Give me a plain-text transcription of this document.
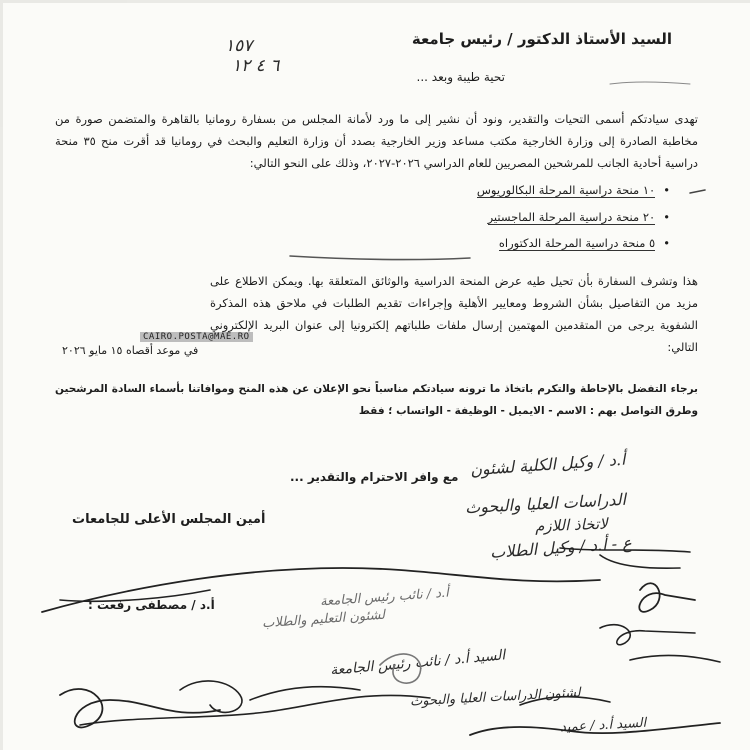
السيد الأستاذ الدكتور / رئيس جامعة
١٥٧
٦ ٤ ١٢
تحية طيبة وبعد ...
تهدى سيادتكم أسمى التحيات والتقدير، ونود أن نشير إلى ما ورد لأمانة المجلس من بسفارة رومانيا بالقاهرة والمتضمن صورة من مخاطبة الصادرة إلى وزارة الخارجية مكتب مساعد وزير الخارجية بصدد أن وزارة التعليم والبحث في رومانيا قد أقرت منح ٣٥ منحة دراسية أحادية الجانب للمرشحين المصريين للعام الدراسي ٢٠٢٦-٢٠٢٧، وذلك على النحو التالي:
•١٠ منحة دراسية المرحلة البكالوريوس
•٢٠ منحة دراسية المرحلة الماجستير
•٥ منحة دراسية المرحلة الدكتوراه
هذا وتشرف السفارة بأن تحيل طيه عرض المنحة الدراسية والوثائق المتعلقة بها. ويمكن الاطلاع على مزيد من التفاصيل بشأن الشروط ومعايير الأهلية وإجراءات تقديم الطلبات في ملاحق هذه المذكرة الشفوية يرجى من المتقدمين المهتمين إرسال ملفات طلباتهم إلكترونيا إلى عنوان البريد الإلكتروني التالي:
CAIRO.POSTA@MAE.RO
في موعد أقصاه ١٥ مايو ٢٠٢٦
برجاء التفضل بالإحاطة والتكرم باتخاذ ما ترونه سيادتكم مناسباً نحو الإعلان عن هذه المنح وموافاتنا بأسماء السادة المرشحين وطرق التواصل بهم : الاسم - الايميل - الوظيفة - الواتساب ؛ فقط
مع وافر الاحترام والتقدير ...
أمين المجلس الأعلى للجامعات
أ.د / مصطفى رفعت :
أ.د / وكيل الكلية لشئون
الدراسات العليا والبحوث
لاتخاذ اللازم
ع - أ.د / وكيل الطلاب
أ.د / نائب رئيس الجامعة
لشئون التعليم والطلاب
السيد أ.د / نائب رئيس الجامعة
لشئون الدراسات العليا والبحوث
السيد أ.د / عميد
